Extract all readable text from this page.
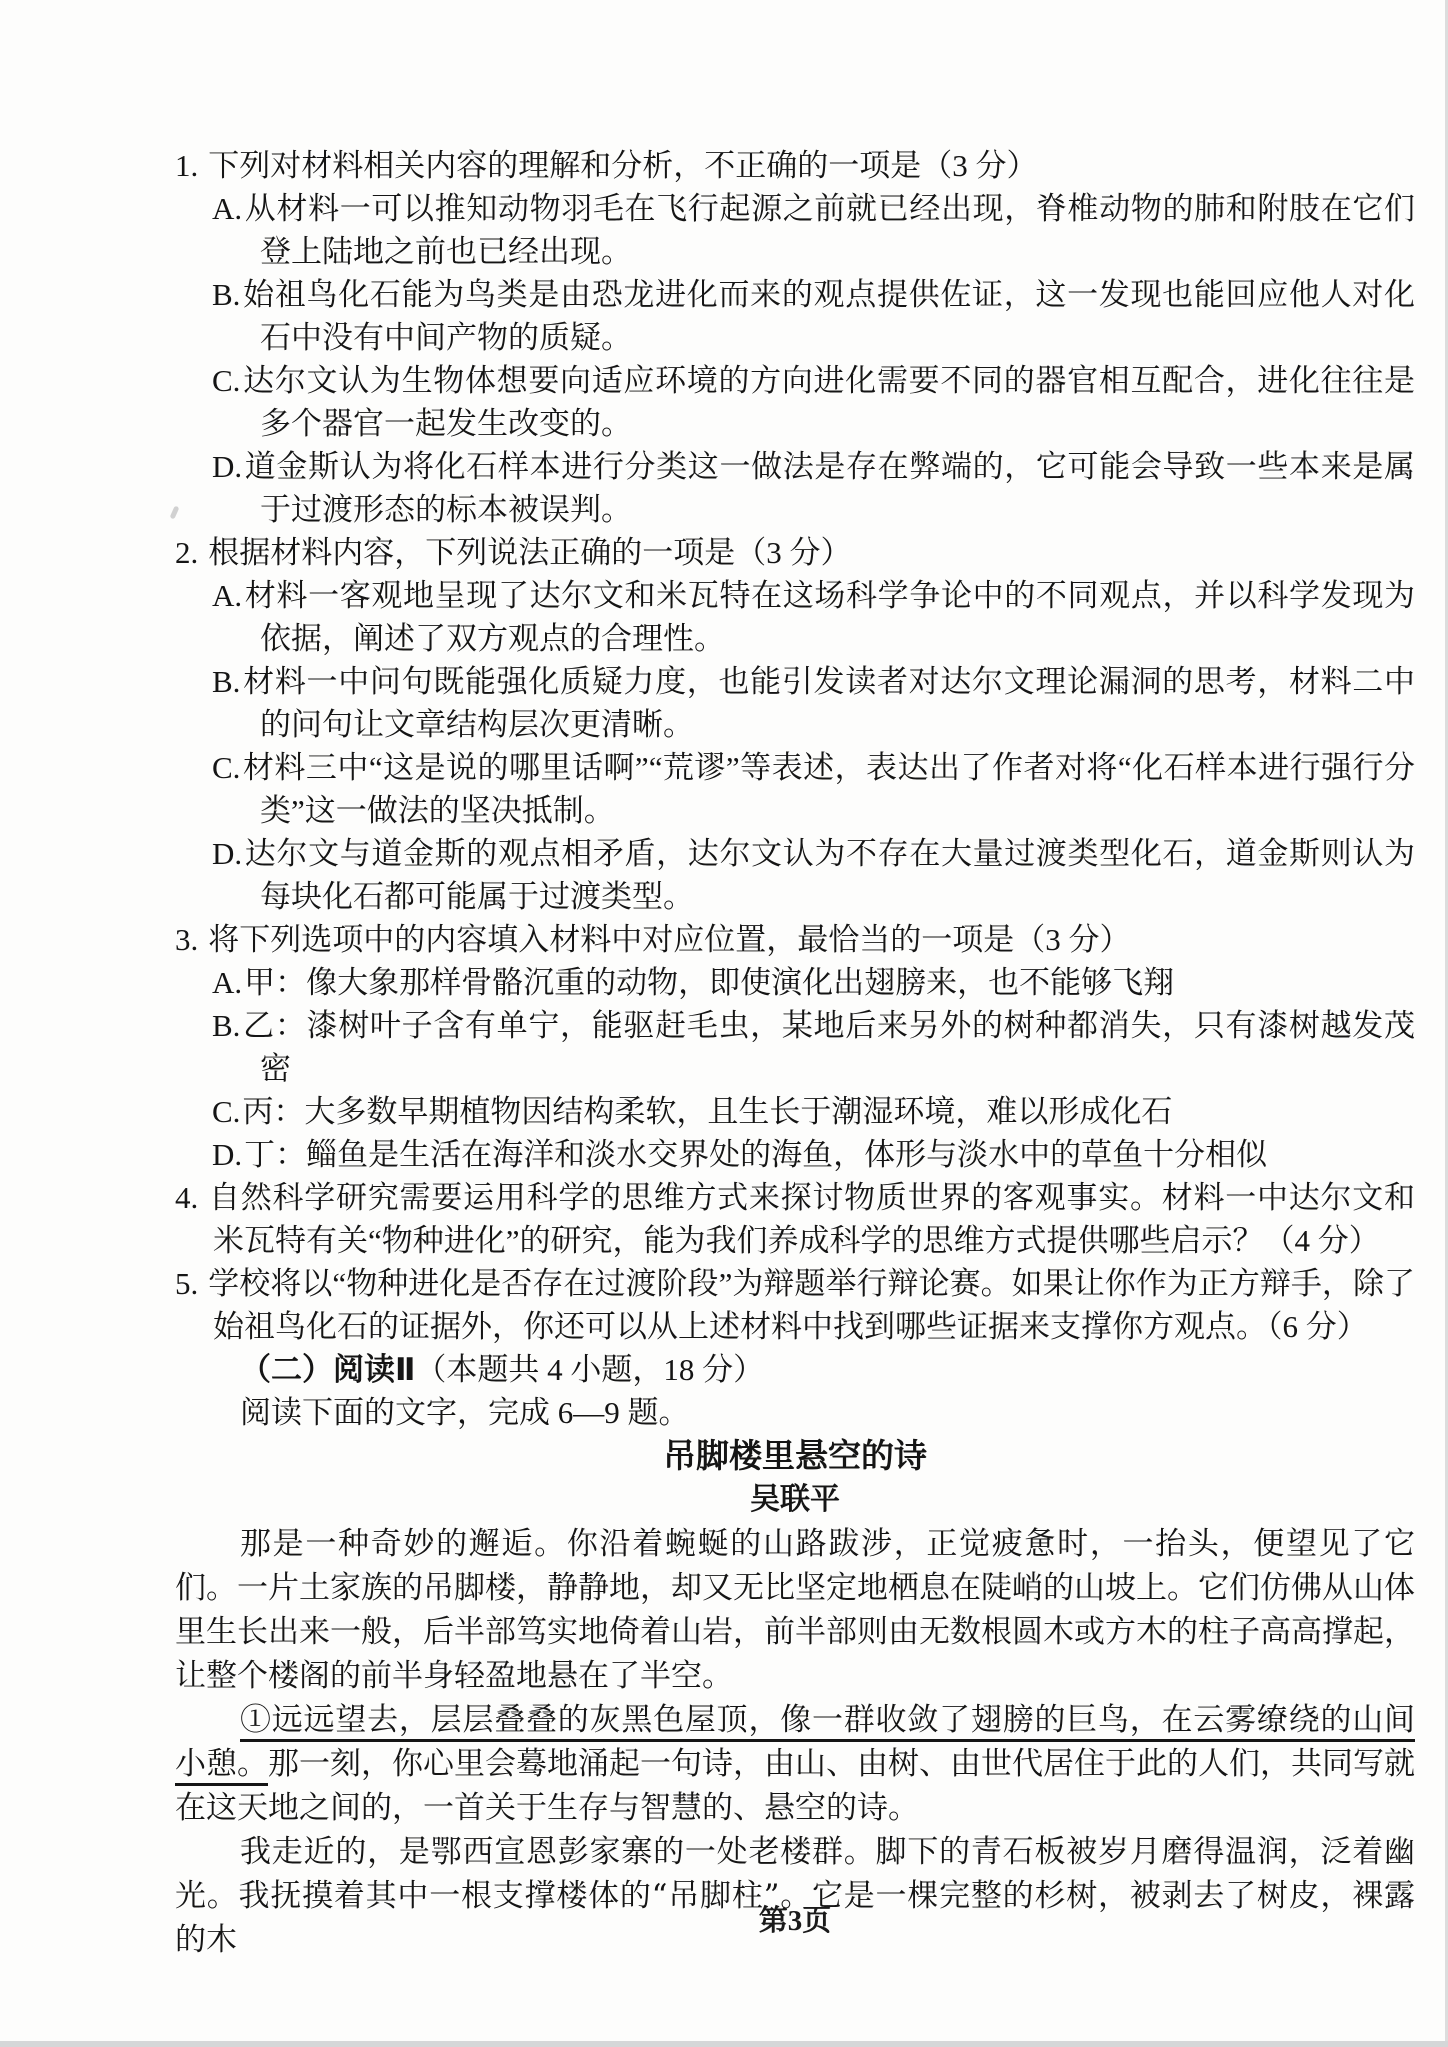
1. 下列对材料相关内容的理解和分析，不正确的一项是（3 分）
A.从材料一可以推知动物羽毛在飞行起源之前就已经出现，脊椎动物的肺和附肢在它们登上陆地之前也已经出现。
B.始祖鸟化石能为鸟类是由恐龙进化而来的观点提供佐证，这一发现也能回应他人对化石中没有中间产物的质疑。
C.达尔文认为生物体想要向适应环境的方向进化需要不同的器官相互配合，进化往往是多个器官一起发生改变的。
D.道金斯认为将化石样本进行分类这一做法是存在弊端的，它可能会导致一些本来是属于过渡形态的标本被误判。
2. 根据材料内容，下列说法正确的一项是（3 分）
A.材料一客观地呈现了达尔文和米瓦特在这场科学争论中的不同观点，并以科学发现为依据，阐述了双方观点的合理性。
B.材料一中问句既能强化质疑力度，也能引发读者对达尔文理论漏洞的思考，材料二中的问句让文章结构层次更清晰。
C.材料三中“这是说的哪里话啊”“荒谬”等表述，表达出了作者对将“化石样本进行强行分类”这一做法的坚决抵制。
D.达尔文与道金斯的观点相矛盾，达尔文认为不存在大量过渡类型化石，道金斯则认为每块化石都可能属于过渡类型。
3. 将下列选项中的内容填入材料中对应位置，最恰当的一项是（3 分）
A.甲：像大象那样骨骼沉重的动物，即使演化出翅膀来，也不能够飞翔
B.乙：漆树叶子含有单宁，能驱赶毛虫，某地后来另外的树种都消失，只有漆树越发茂密
C.丙：大多数早期植物因结构柔软，且生长于潮湿环境，难以形成化石
D.丁：鲻鱼是生活在海洋和淡水交界处的海鱼，体形与淡水中的草鱼十分相似
4. 自然科学研究需要运用科学的思维方式来探讨物质世界的客观事实。材料一中达尔文和米瓦特有关“物种进化”的研究，能为我们养成科学的思维方式提供哪些启示？（4 分）
5. 学校将以“物种进化是否存在过渡阶段”为辩题举行辩论赛。如果让你作为正方辩手，除了始祖鸟化石的证据外，你还可以从上述材料中找到哪些证据来支撑你方观点。（6 分）
（二）阅读Ⅱ（本题共 4 小题，18 分）
阅读下面的文字，完成 6—9 题。
吊脚楼里悬空的诗
吴联平

那是一种奇妙的邂逅。你沿着蜿蜒的山路跋涉，正觉疲惫时，一抬头，便望见了它们。一片土家族的吊脚楼，静静地，却又无比坚定地栖息在陡峭的山坡上。它们仿佛从山体里生长出来一般，后半部笃实地倚着山岩，前半部则由无数根圆木或方木的柱子高高撑起，让整个楼阁的前半身轻盈地悬在了半空。

①远远望去，层层叠叠的灰黑色屋顶，像一群收敛了翅膀的巨鸟，在云雾缭绕的山间小憩。那一刻，你心里会蓦地涌起一句诗，由山、由树、由世代居住于此的人们，共同写就在这天地之间的，一首关于生存与智慧的、悬空的诗。

我走近的，是鄂西宣恩彭家寨的一处老楼群。脚下的青石板被岁月磨得温润，泛着幽光。我抚摸着其中一根支撑楼体的“吊脚柱”。它是一棵完整的杉树，被剥去了树皮，裸露的木

第3页
